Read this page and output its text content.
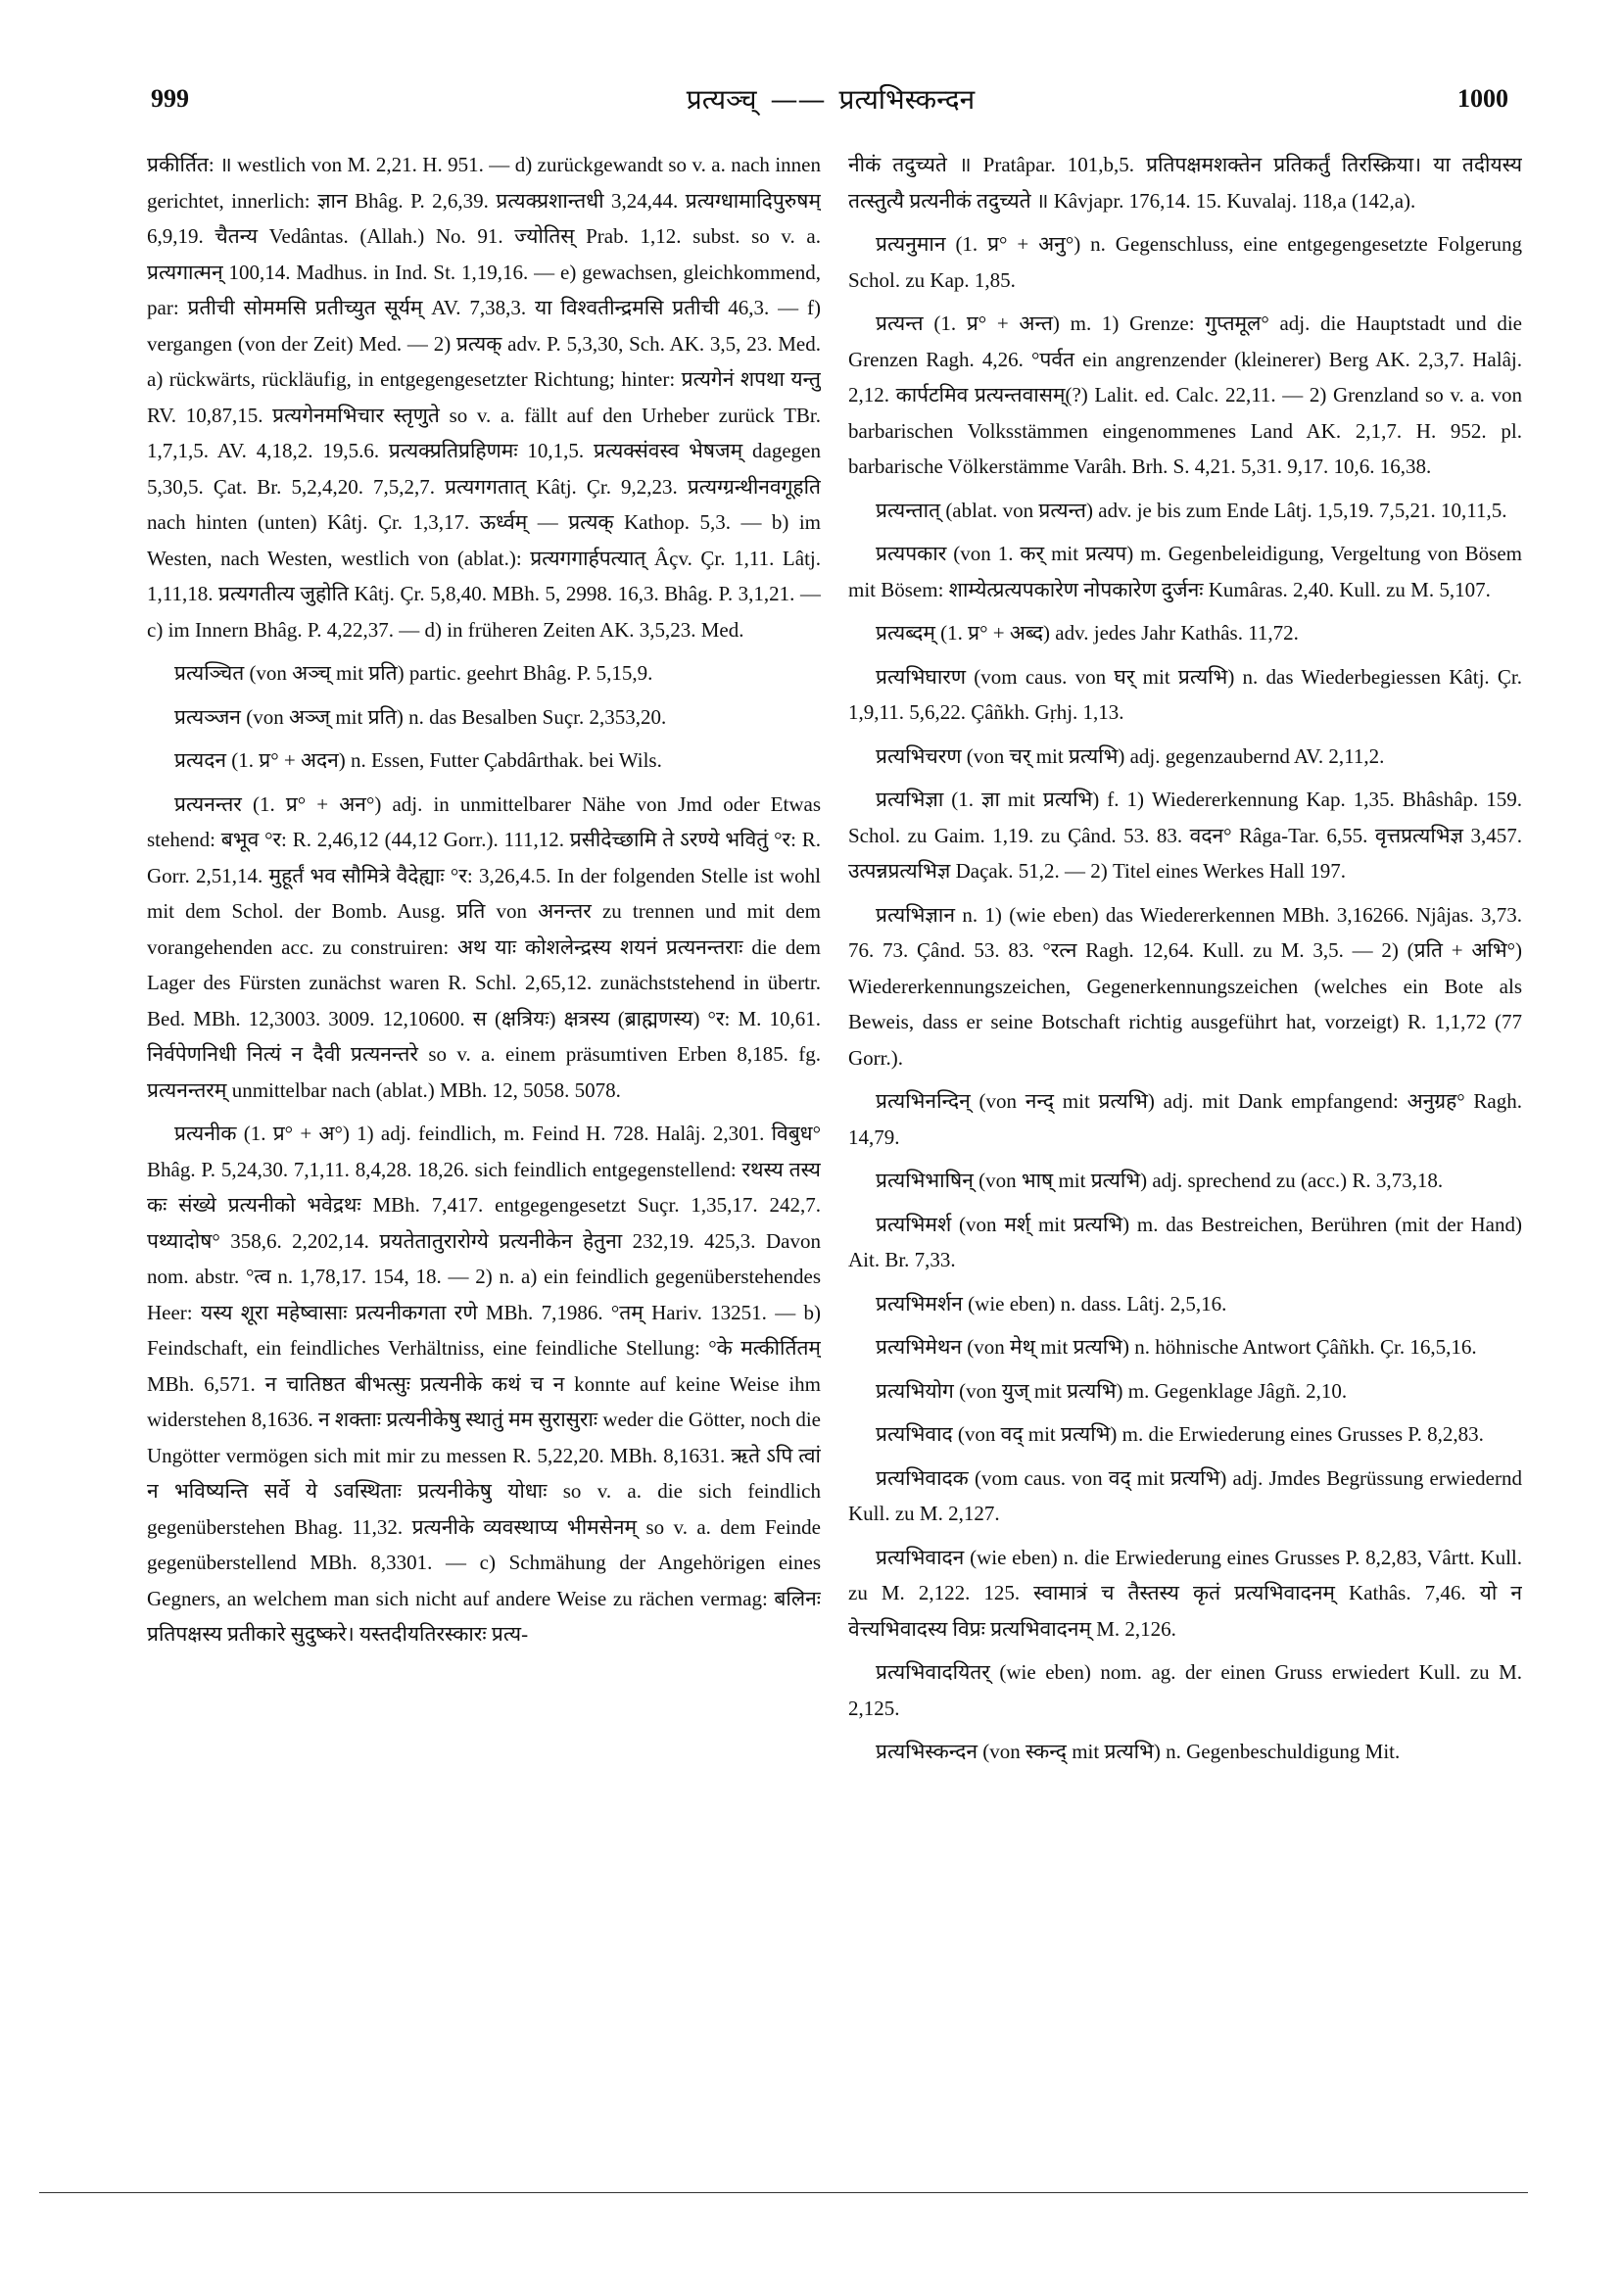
999	प्रत्यञ्च् —— प्रत्यभिस्कन्दन	1000

प्रकीर्तित: ॥ westlich von M. 2,21. H. 951. — d) zurückgewandt so v. a. nach innen gerichtet, innerlich: ज्ञान Bhâg. P. 2,6,39. प्रत्यक्प्रशान्तधी 3,24,44. प्रत्यग्धामादिपुरुषम् 6,9,19. चैतन्य Vedântas. (Allah.) No. 91. ज्योतिस् Prab. 1,12. subst. so v. a. प्रत्यगात्मन् 100,14. Madhus. in Ind. St. 1,19,16. — e) gewachsen, gleichkommend, par: प्रतीची सोममसि प्रतीच्युत सूर्यम् AV. 7,38,3. या विश्वतीन्द्रमसि प्रतीची 46,3. — f) vergangen (von der Zeit) Med. — 2) प्रत्यक् adv. P. 5,3,30, Sch. AK. 3,5, 23. Med. a) rückwärts, rückläufig, in entgegengesetzter Richtung; hinter: प्रत्यगेनं शपथा यन्तु RV. 10,87,15. प्रत्यगेनमभिचार स्तृणुते so v. a. fällt auf den Urheber zurück TBr. 1,7,1,5. AV. 4,18,2. 19,5.6. प्रत्यक्प्रतिप्रहिणमः 10,1,5. प्रत्यक्संवस्व भेषजम् dagegen 5,30,5. Çat. Br. 5,2,4,20. 7,5,2,7. प्रत्यगगतात् Kâtj. Çr. 9,2,23. प्रत्यग्ग्रन्थीनवगूहति nach hinten (unten) Kâtj. Çr. 1,3,17. ऊर्ध्वम् — प्रत्यक् Kathop. 5,3. — b) im Westen, nach Westen, westlich von (ablat.): प्रत्यगगार्हपत्यात् Âçv. Çr. 1,11. Lâtj. 1,11,18. प्रत्यगतीत्य जुहोति Kâtj. Çr. 5,8,40. MBh. 5, 2998. 16,3. Bhâg. P. 3,1,21. — c) im Innern Bhâg. P. 4,22,37. — d) in früheren Zeiten AK. 3,5,23. Med.

प्रत्यञ्चित (von अञ्च् mit प्रति) partic. geehrt Bhâg. P. 5,15,9.

प्रत्यञ्जन (von अञ्ज् mit प्रति) n. das Besalben Suçr. 2,353,20.

प्रत्यदन (1. प्र° + अदन) n. Essen, Futter Çabdârthak. bei Wils.

प्रत्यनन्तर (1. प्र° + अन°) adj. in unmittelbarer Nähe von Jmd oder Etwas stehend: बभूव °र: R. 2,46,12 (44,12 Gorr.). 111,12. प्रसीदेच्छामि ते ऽरण्ये भवितुं °र: R. Gorr. 2,51,14. मुहूर्तं भव सौमित्रे वैदेह्याः °र: 3,26,4.5. In der folgenden Stelle ist wohl mit dem Schol. der Bomb. Ausg. प्रति von अनन्तर zu trennen und mit dem vorangehenden acc. zu construiren: अथ याः कोशलेन्द्रस्य शयनं प्रत्यनन्तराः die dem Lager des Fürsten zunächst waren R. Schl. 2,65,12. zunächststehend in übertr. Bed. MBh. 12,3003. 3009. 12,10600. स (क्षत्रियः) क्षत्रस्य (ब्राह्मणस्य) °र: M. 10,61. निर्वपेणनिधी नित्यं न दैवी प्रत्यनन्तरे so v. a. einem präsumtiven Erben 8,185. fg. प्रत्यनन्तरम् unmittelbar nach (ablat.) MBh. 12, 5058. 5078.

प्रत्यनीक (1. प्र° + अ°) 1) adj. feindlich, m. Feind H. 728. Halâj. 2,301. विबुध° Bhâg. P. 5,24,30. 7,1,11. 8,4,28. 18,26. sich feindlich entgegenstellend: रथस्य तस्य कः संख्ये प्रत्यनीको भवेद्रथः MBh. 7,417. entgegengesetzt Suçr. 1,35,17. 242,7. पथ्यादोष° 358,6. 2,202,14. प्रयतेतातुरारोग्ये प्रत्यनीकेन हेतुना 232,19. 425,3. Davon nom. abstr. °त्व n. 1,78,17. 154, 18. — 2) n. a) ein feindlich gegenüberstehendes Heer: यस्य शूरा महेष्वासाः प्रत्यनीकगता रणे MBh. 7,1986. °तम् Hariv. 13251. — b) Feindschaft, ein feindliches Verhältniss, eine feindliche Stellung: °के मत्कीर्तितम् MBh. 6,571. न चातिष्ठत बीभत्सुः प्रत्यनीके कथं च न konnte auf keine Weise ihm widerstehen 8,1636. न शक्ताः प्रत्यनीकेषु स्थातुं मम सुरासुराः weder die Götter, noch die Ungötter vermögen sich mit mir zu messen R. 5,22,20. MBh. 8,1631. ऋते ऽपि त्वां न भविष्यन्ति सर्वे ये ऽवस्थिताः प्रत्यनीकेषु योधाः so v. a. die sich feindlich gegenüberstehen Bhag. 11,32. प्रत्यनीके व्यवस्थाप्य भीमसेनम् so v. a. dem Feinde gegenüberstellend MBh. 8,3301. — c) Schmähung der Angehörigen eines Gegners, an welchem man sich nicht auf andere Weise zu rächen vermag: बलिनः प्रतिपक्षस्य प्रतीकारे सुदुष्करे। यस्तदीयतिरस्कारः प्रत्य-

नीकं तदुच्यते ॥ Pratâpar. 101,b,5. प्रतिपक्षमशक्तेन प्रतिकर्तुं तिरस्क्रिया। या तदीयस्य तत्स्तुत्यै प्रत्यनीकं तदुच्यते ॥ Kâvjapr. 176,14. 15. Kuvalaj. 118,a (142,a).

प्रत्यनुमान (1. प्र° + अनु°) n. Gegenschluss, eine entgegengesetzte Folgerung Schol. zu Kap. 1,85.

प्रत्यन्त (1. प्र° + अन्त) m. 1) Grenze: गुप्तमूल° adj. die Hauptstadt und die Grenzen Ragh. 4,26. °पर्वत ein angrenzender (kleinerer) Berg AK. 2,3,7. Halâj. 2,12. कार्पटमिव प्रत्यन्तवासम्(?) Lalit. ed. Calc. 22,11. — 2) Grenzland so v. a. von barbarischen Volksstämmen eingenommenes Land AK. 2,1,7. H. 952. pl. barbarische Völkerstämme Varâh. Brh. S. 4,21. 5,31. 9,17. 10,6. 16,38.

प्रत्यन्तात् (ablat. von प्रत्यन्त) adv. je bis zum Ende Lâtj. 1,5,19. 7,5,21. 10,11,5.

प्रत्यपकार (von 1. कर् mit प्रत्यप) m. Gegenbeleidigung, Vergeltung von Bösem mit Bösem: शाम्येत्प्रत्यपकारेण नोपकारेण दुर्जनः Kumâras. 2,40. Kull. zu M. 5,107.

प्रत्यब्दम् (1. प्र° + अब्द) adv. jedes Jahr Kathâs. 11,72.

प्रत्यभिघारण (vom caus. von घर् mit प्रत्यभि) n. das Wiederbegiessen Kâtj. Çr. 1,9,11. 5,6,22. Çâñkh. Gṛhj. 1,13.

प्रत्यभिचरण (von चर् mit प्रत्यभि) adj. gegenzaubernd AV. 2,11,2.

प्रत्यभिज्ञा (1. ज्ञा mit प्रत्यभि) f. 1) Wiedererkennung Kap. 1,35. Bhâshâp. 159. Schol. zu Gaim. 1,19. zu Çând. 53. 83. वदन° Râga-Tar. 6,55. वृत्तप्रत्यभिज्ञ 3,457. उत्पन्नप्रत्यभिज्ञ Daçak. 51,2. — 2) Titel eines Werkes Hall 197.

प्रत्यभिज्ञान n. 1) (wie eben) das Wiedererkennen MBh. 3,16266. Njâjas. 3,73. 76. 73. Çând. 53. 83. °रत्न Ragh. 12,64. Kull. zu M. 3,5. — 2) (प्रति + अभि°) Wiedererkennungszeichen, Gegenerkennungszeichen (welches ein Bote als Beweis, dass er seine Botschaft richtig ausgeführt hat, vorzeigt) R. 1,1,72 (77 Gorr.).

प्रत्यभिनन्दिन् (von नन्द् mit प्रत्यभि) adj. mit Dank empfangend: अनुग्रह° Ragh. 14,79.

प्रत्यभिभाषिन् (von भाष् mit प्रत्यभि) adj. sprechend zu (acc.) R. 3,73,18.

प्रत्यभिमर्श (von मर्श् mit प्रत्यभि) m. das Bestreichen, Berühren (mit der Hand) Ait. Br. 7,33.

प्रत्यभिमर्शन (wie eben) n. dass. Lâtj. 2,5,16.

प्रत्यभिमेथन (von मेथ् mit प्रत्यभि) n. höhnische Antwort Çâñkh. Çr. 16,5,16.

प्रत्यभियोग (von युज् mit प्रत्यभि) m. Gegenklage Jâgñ. 2,10.

प्रत्यभिवाद (von वद् mit प्रत्यभि) m. die Erwiederung eines Grusses P. 8,2,83.

प्रत्यभिवादक (vom caus. von वद् mit प्रत्यभि) adj. Jmdes Begrüssung erwiedernd Kull. zu M. 2,127.

प्रत्यभिवादन (wie eben) n. die Erwiederung eines Grusses P. 8,2,83, Vârtt. Kull. zu M. 2,122. 125. स्वामात्रं च तैस्तस्य कृतं प्रत्यभिवादनम् Kathâs. 7,46. यो न वेत्त्यभिवादस्य विप्रः प्रत्यभिवादनम् M. 2,126.

प्रत्यभिवादयितर् (wie eben) nom. ag. der einen Gruss erwiedert Kull. zu M. 2,125.

प्रत्यभिस्कन्दन (von स्कन्द् mit प्रत्यभि) n. Gegenbeschuldigung Mit.
